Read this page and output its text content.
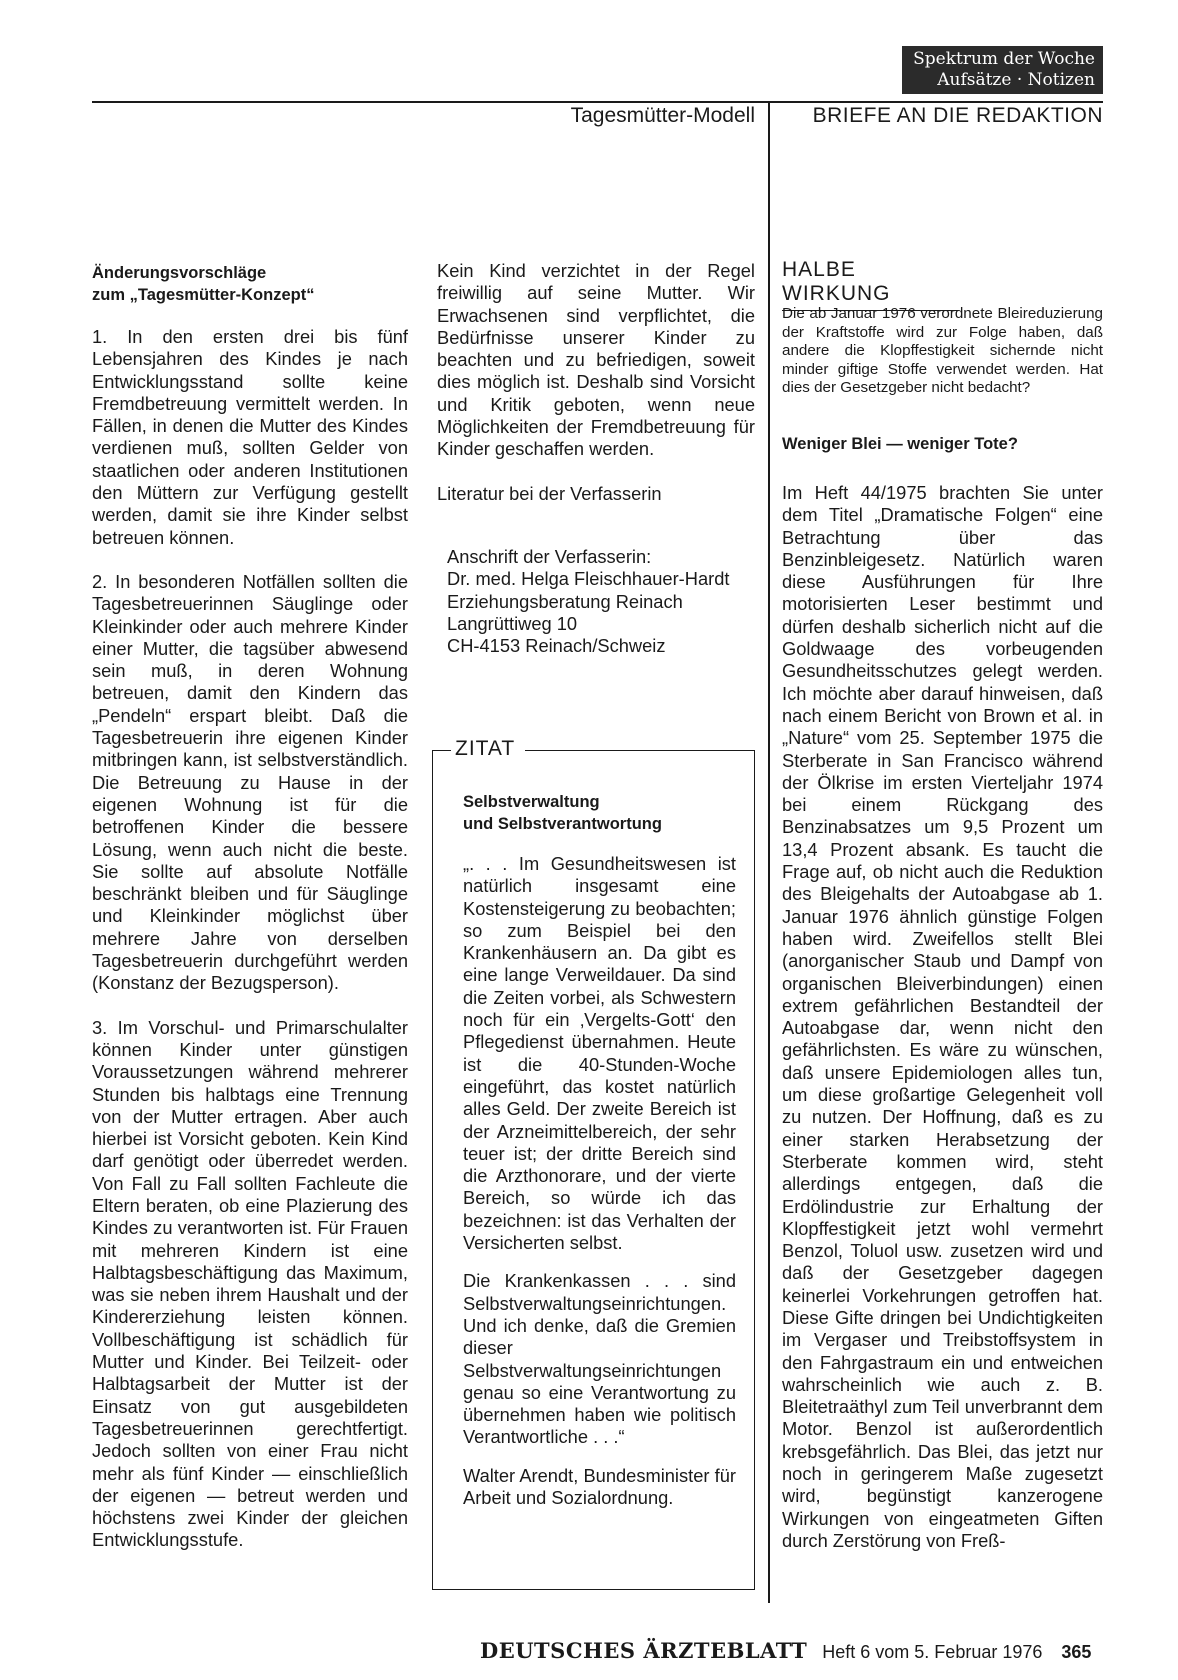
Spektrum der Woche
Aufsätze · Notizen
Tagesmütter-Modell	BRIEFE AN DIE REDAKTION
Änderungsvorschläge
zum „Tagesmütter-Konzept“

1. In den ersten drei bis fünf Lebensjahren des Kindes je nach Entwicklungsstand sollte keine Fremdbetreuung vermittelt werden. In Fällen, in denen die Mutter des Kindes verdienen muß, sollten Gelder von staatlichen oder anderen Institutionen den Müttern zur Verfügung gestellt werden, damit sie ihre Kinder selbst betreuen können.

2. In besonderen Notfällen sollten die Tagesbetreuerinnen Säuglinge oder Kleinkinder oder auch mehrere Kinder einer Mutter, die tagsüber abwesend sein muß, in deren Wohnung betreuen, damit den Kindern das „Pendeln“ erspart bleibt. Daß die Tagesbetreuerin ihre eigenen Kinder mitbringen kann, ist selbstverständlich. Die Betreuung zu Hause in der eigenen Wohnung ist für die betroffenen Kinder die bessere Lösung, wenn auch nicht die beste. Sie sollte auf absolute Notfälle beschränkt bleiben und für Säuglinge und Kleinkinder möglichst über mehrere Jahre von derselben Tagesbetreuerin durchgeführt werden (Konstanz der Bezugsperson).

3. Im Vorschul- und Primarschulalter können Kinder unter günstigen Voraussetzungen während mehrerer Stunden bis halbtags eine Trennung von der Mutter ertragen. Aber auch hierbei ist Vorsicht geboten. Kein Kind darf genötigt oder überredet werden. Von Fall zu Fall sollten Fachleute die Eltern beraten, ob eine Plazierung des Kindes zu verantworten ist. Für Frauen mit mehreren Kindern ist eine Halbtagsbeschäftigung das Maximum, was sie neben ihrem Haushalt und der Kindererziehung leisten können. Vollbeschäftigung ist schädlich für Mutter und Kinder. Bei Teilzeit- oder Halbtagsarbeit der Mutter ist der Einsatz von gut ausgebildeten Tagesbetreuerinnen gerechtfertigt. Jedoch sollten von einer Frau nicht mehr als fünf Kinder — einschließlich der eigenen — betreut werden und höchstens zwei Kinder der gleichen Entwicklungsstufe.

Kein Kind verzichtet in der Regel freiwillig auf seine Mutter. Wir Erwachsenen sind verpflichtet, die Bedürfnisse unserer Kinder zu beachten und zu befriedigen, soweit dies möglich ist. Deshalb sind Vorsicht und Kritik geboten, wenn neue Möglichkeiten der Fremdbetreuung für Kinder geschaffen werden.

Literatur bei der Verfasserin

Anschrift der Verfasserin:
Dr. med. Helga Fleischhauer-Hardt
Erziehungsberatung Reinach
Langrüttiweg 10
CH-4153 Reinach/Schweiz
ZITAT
Selbstverwaltung
und Selbstverantwortung

„. . . Im Gesundheitswesen ist natürlich insgesamt eine Kostensteigerung zu beobachten; so zum Beispiel bei den Krankenhäusern an. Da gibt es eine lange Verweildauer. Da sind die Zeiten vorbei, als Schwestern noch für ein ‚Vergelts-Gott‘ den Pflegedienst übernahmen. Heute ist die 40-Stunden-Woche eingeführt, das kostet natürlich alles Geld. Der zweite Bereich ist der Arzneimittelbereich, der sehr teuer ist; der dritte Bereich sind die Arzthonorare, und der vierte Bereich, so würde ich das bezeichnen: ist das Verhalten der Versicherten selbst.

Die Krankenkassen . . . sind Selbstverwaltungseinrichtungen. Und ich denke, daß die Gremien dieser Selbstverwaltungseinrichtungen genau so eine Verantwortung zu übernehmen haben wie politisch Verantwortliche . . .“

Walter Arendt, Bundesminister für Arbeit und Sozialordnung.

HALBE WIRKUNG
Die ab Januar 1976 verordnete Bleireduzierung der Kraftstoffe wird zur Folge haben, daß andere die Klopffestigkeit sichernde nicht minder giftige Stoffe verwendet werden. Hat dies der Gesetzgeber nicht bedacht?
Weniger Blei — weniger Tote?
Im Heft 44/1975 brachten Sie unter dem Titel „Dramatische Folgen“ eine Betrachtung über das Benzinbleigesetz. Natürlich waren diese Ausführungen für Ihre motorisierten Leser bestimmt und dürfen deshalb sicherlich nicht auf die Goldwaage des vorbeugenden Gesundheitsschutzes gelegt werden. Ich möchte aber darauf hinweisen, daß nach einem Bericht von Brown et al. in „Nature“ vom 25. September 1975 die Sterberate in San Francisco während der Ölkrise im ersten Vierteljahr 1974 bei einem Rückgang des Benzinabsatzes um 9,5 Prozent um 13,4 Prozent absank. Es taucht die Frage auf, ob nicht auch die Reduktion des Bleigehalts der Autoabgase ab 1. Januar 1976 ähnlich günstige Folgen haben wird. Zweifellos stellt Blei (anorganischer Staub und Dampf von organischen Bleiverbindungen) einen extrem gefährlichen Bestandteil der Autoabgase dar, wenn nicht den gefährlichsten. Es wäre zu wünschen, daß unsere Epidemiologen alles tun, um diese großartige Gelegenheit voll zu nutzen. Der Hoffnung, daß es zu einer starken Herabsetzung der Sterberate kommen wird, steht allerdings entgegen, daß die Erdölindustrie zur Erhaltung der Klopffestigkeit jetzt wohl vermehrt Benzol, Toluol usw. zusetzen wird und daß der Gesetzgeber dagegen keinerlei Vorkehrungen getroffen hat. Diese Gifte dringen bei Undichtigkeiten im Vergaser und Treibstoffsystem in den Fahrgastraum ein und entweichen wahrscheinlich wie auch z. B. Bleitetraäthyl zum Teil unverbrannt dem Motor. Benzol ist außerordentlich krebsgefährlich. Das Blei, das jetzt nur noch in geringerem Maße zugesetzt wird, begünstigt kanzerogene Wirkungen von eingeatmeten Giften durch Zerstörung von Freß-
DEUTSCHES ÄRZTEBLATT Heft 6 vom 5. Februar 1976 365
